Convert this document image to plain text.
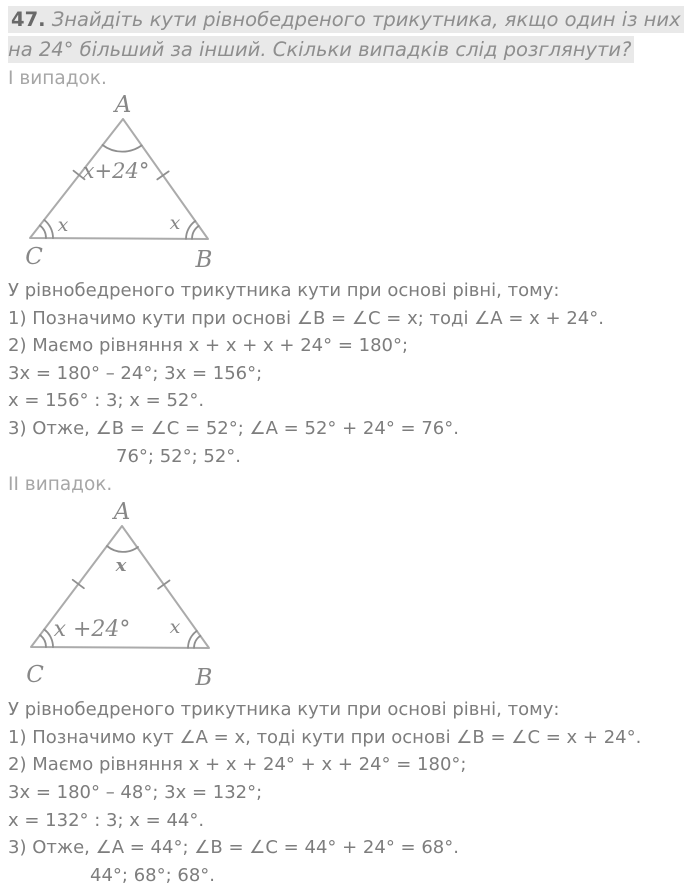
47. Знайдіть кути рівнобедреного трикутника, якщо один із них на 24° більший за інший. Скільки випадків слід розглянути?

І випадок.
A
C	B
x+24°
x	x
У рівнобедреного трикутника кути при основі рівні, тому:
1) Позначимо кути при основі ∠B = ∠C = x; тоді ∠A = x + 24°.
2) Маємо рівняння x + x + x + 24° = 180°;
3x = 180° – 24°; 3x = 156°;
x = 156° : 3; x = 52°.
3) Отже, ∠B = ∠C = 52°; ∠A = 52° + 24° = 76°.
76°; 52°; 52°.
ІІ випадок.
A
C	B
x
x +24° x
У рівнобедреного трикутника кути при основі рівні, тому:
1) Позначимо кут ∠A = x, тоді кути при основі ∠B = ∠C = x + 24°.
2) Маємо рівняння x + x + 24° + x + 24° = 180°;
3x = 180° – 48°; 3x = 132°;
x = 132° : 3; x = 44°.
3) Отже, ∠A = 44°; ∠B = ∠C = 44° + 24° = 68°.
44°; 68°; 68°.
